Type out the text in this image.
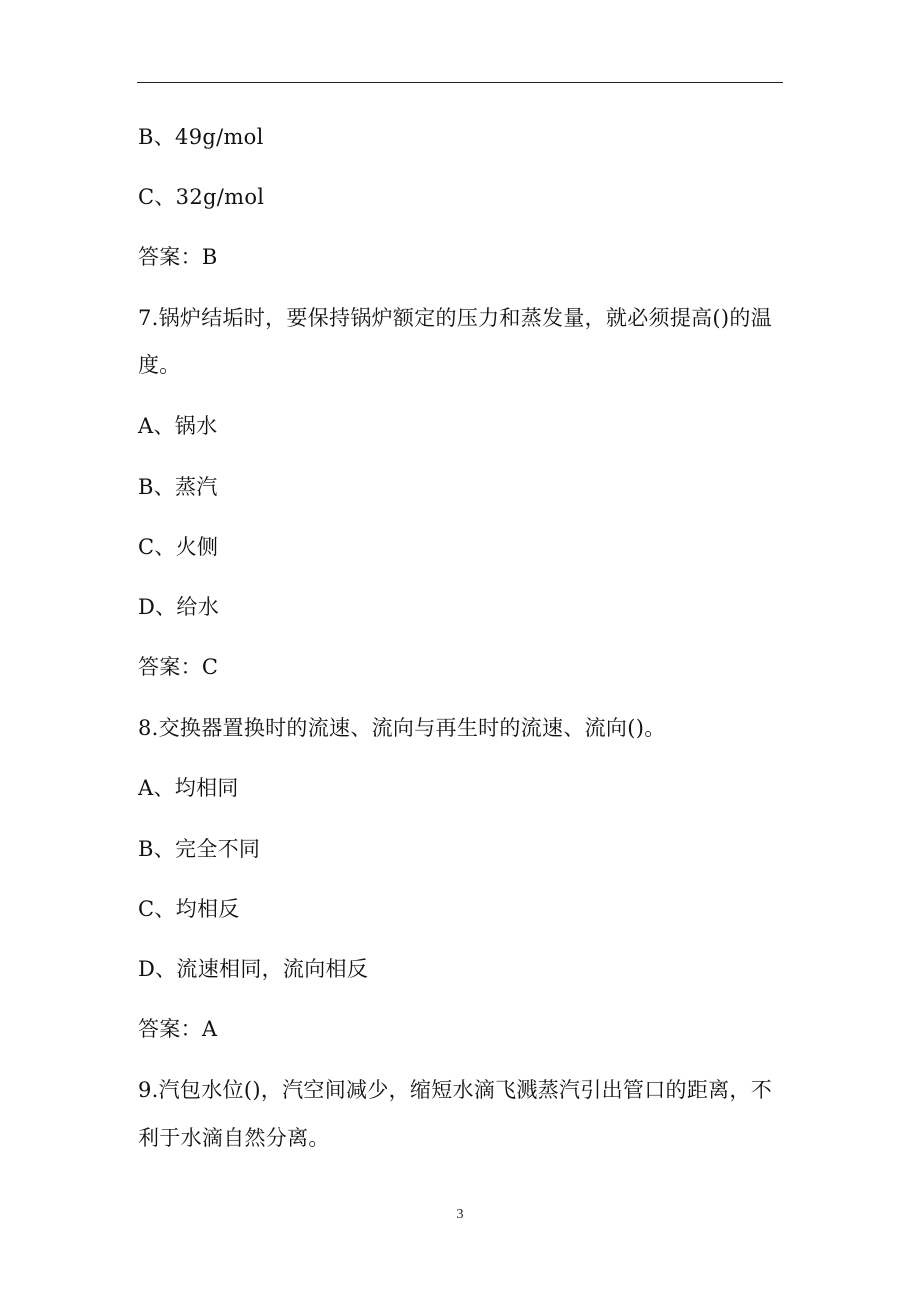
B、49g/mol
C、32g/mol
答案：B
7.锅炉结垢时，要保持锅炉额定的压力和蒸发量，就必须提高()的温
度。
A、锅水
B、蒸汽
C、火侧
D、给水
答案：C
8.交换器置换时的流速、流向与再生时的流速、流向()。
A、均相同
B、完全不同
C、均相反
D、流速相同，流向相反
答案：A
9.汽包水位()，汽空间减少，缩短水滴飞溅蒸汽引出管口的距离，不
利于水滴自然分离。
3
